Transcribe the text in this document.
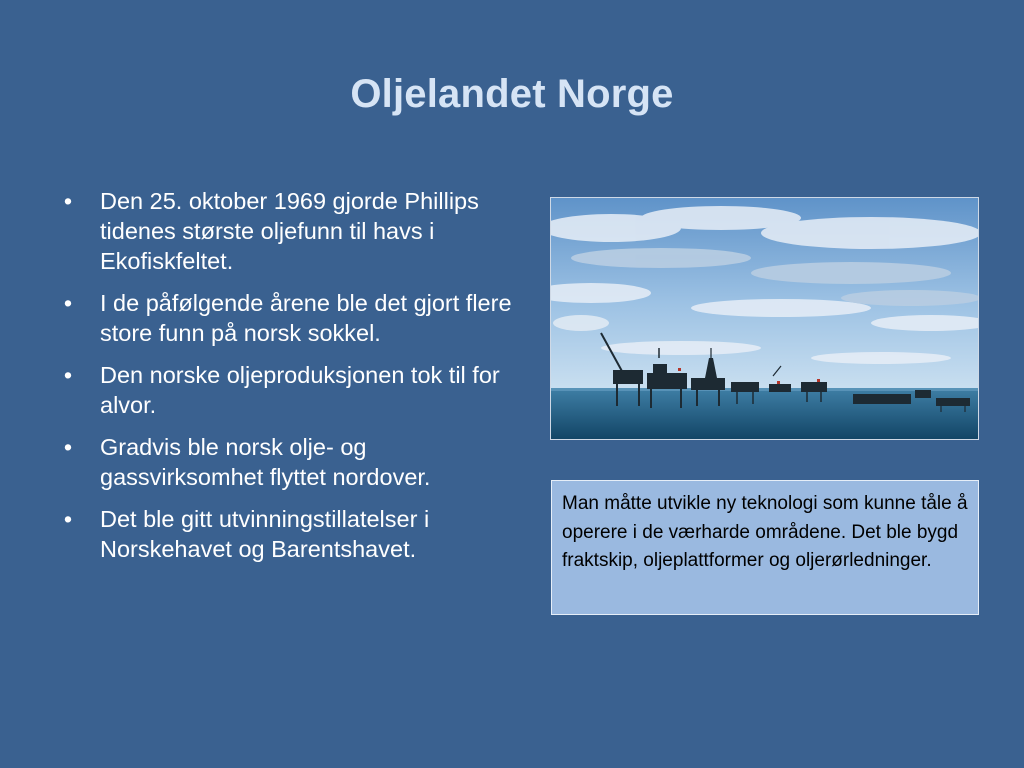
Oljelandet Norge
• Den 25. oktober 1969 gjorde Phillips tidenes største oljefunn til havs i Ekofiskfeltet.
• I de påfølgende årene ble det gjort flere store funn på norsk sokkel.
• Den norske oljeproduksjonen tok til for alvor.
• Gradvis ble norsk olje- og gassvirksomhet flyttet nordover.
• Det ble gitt utvinningstillatelser i Norskehavet og Barentshavet.
Man måtte utvikle ny teknologi som kunne tåle å operere i de værharde områdene. Det ble bygd fraktskip, oljeplattformer og oljerørledninger.
